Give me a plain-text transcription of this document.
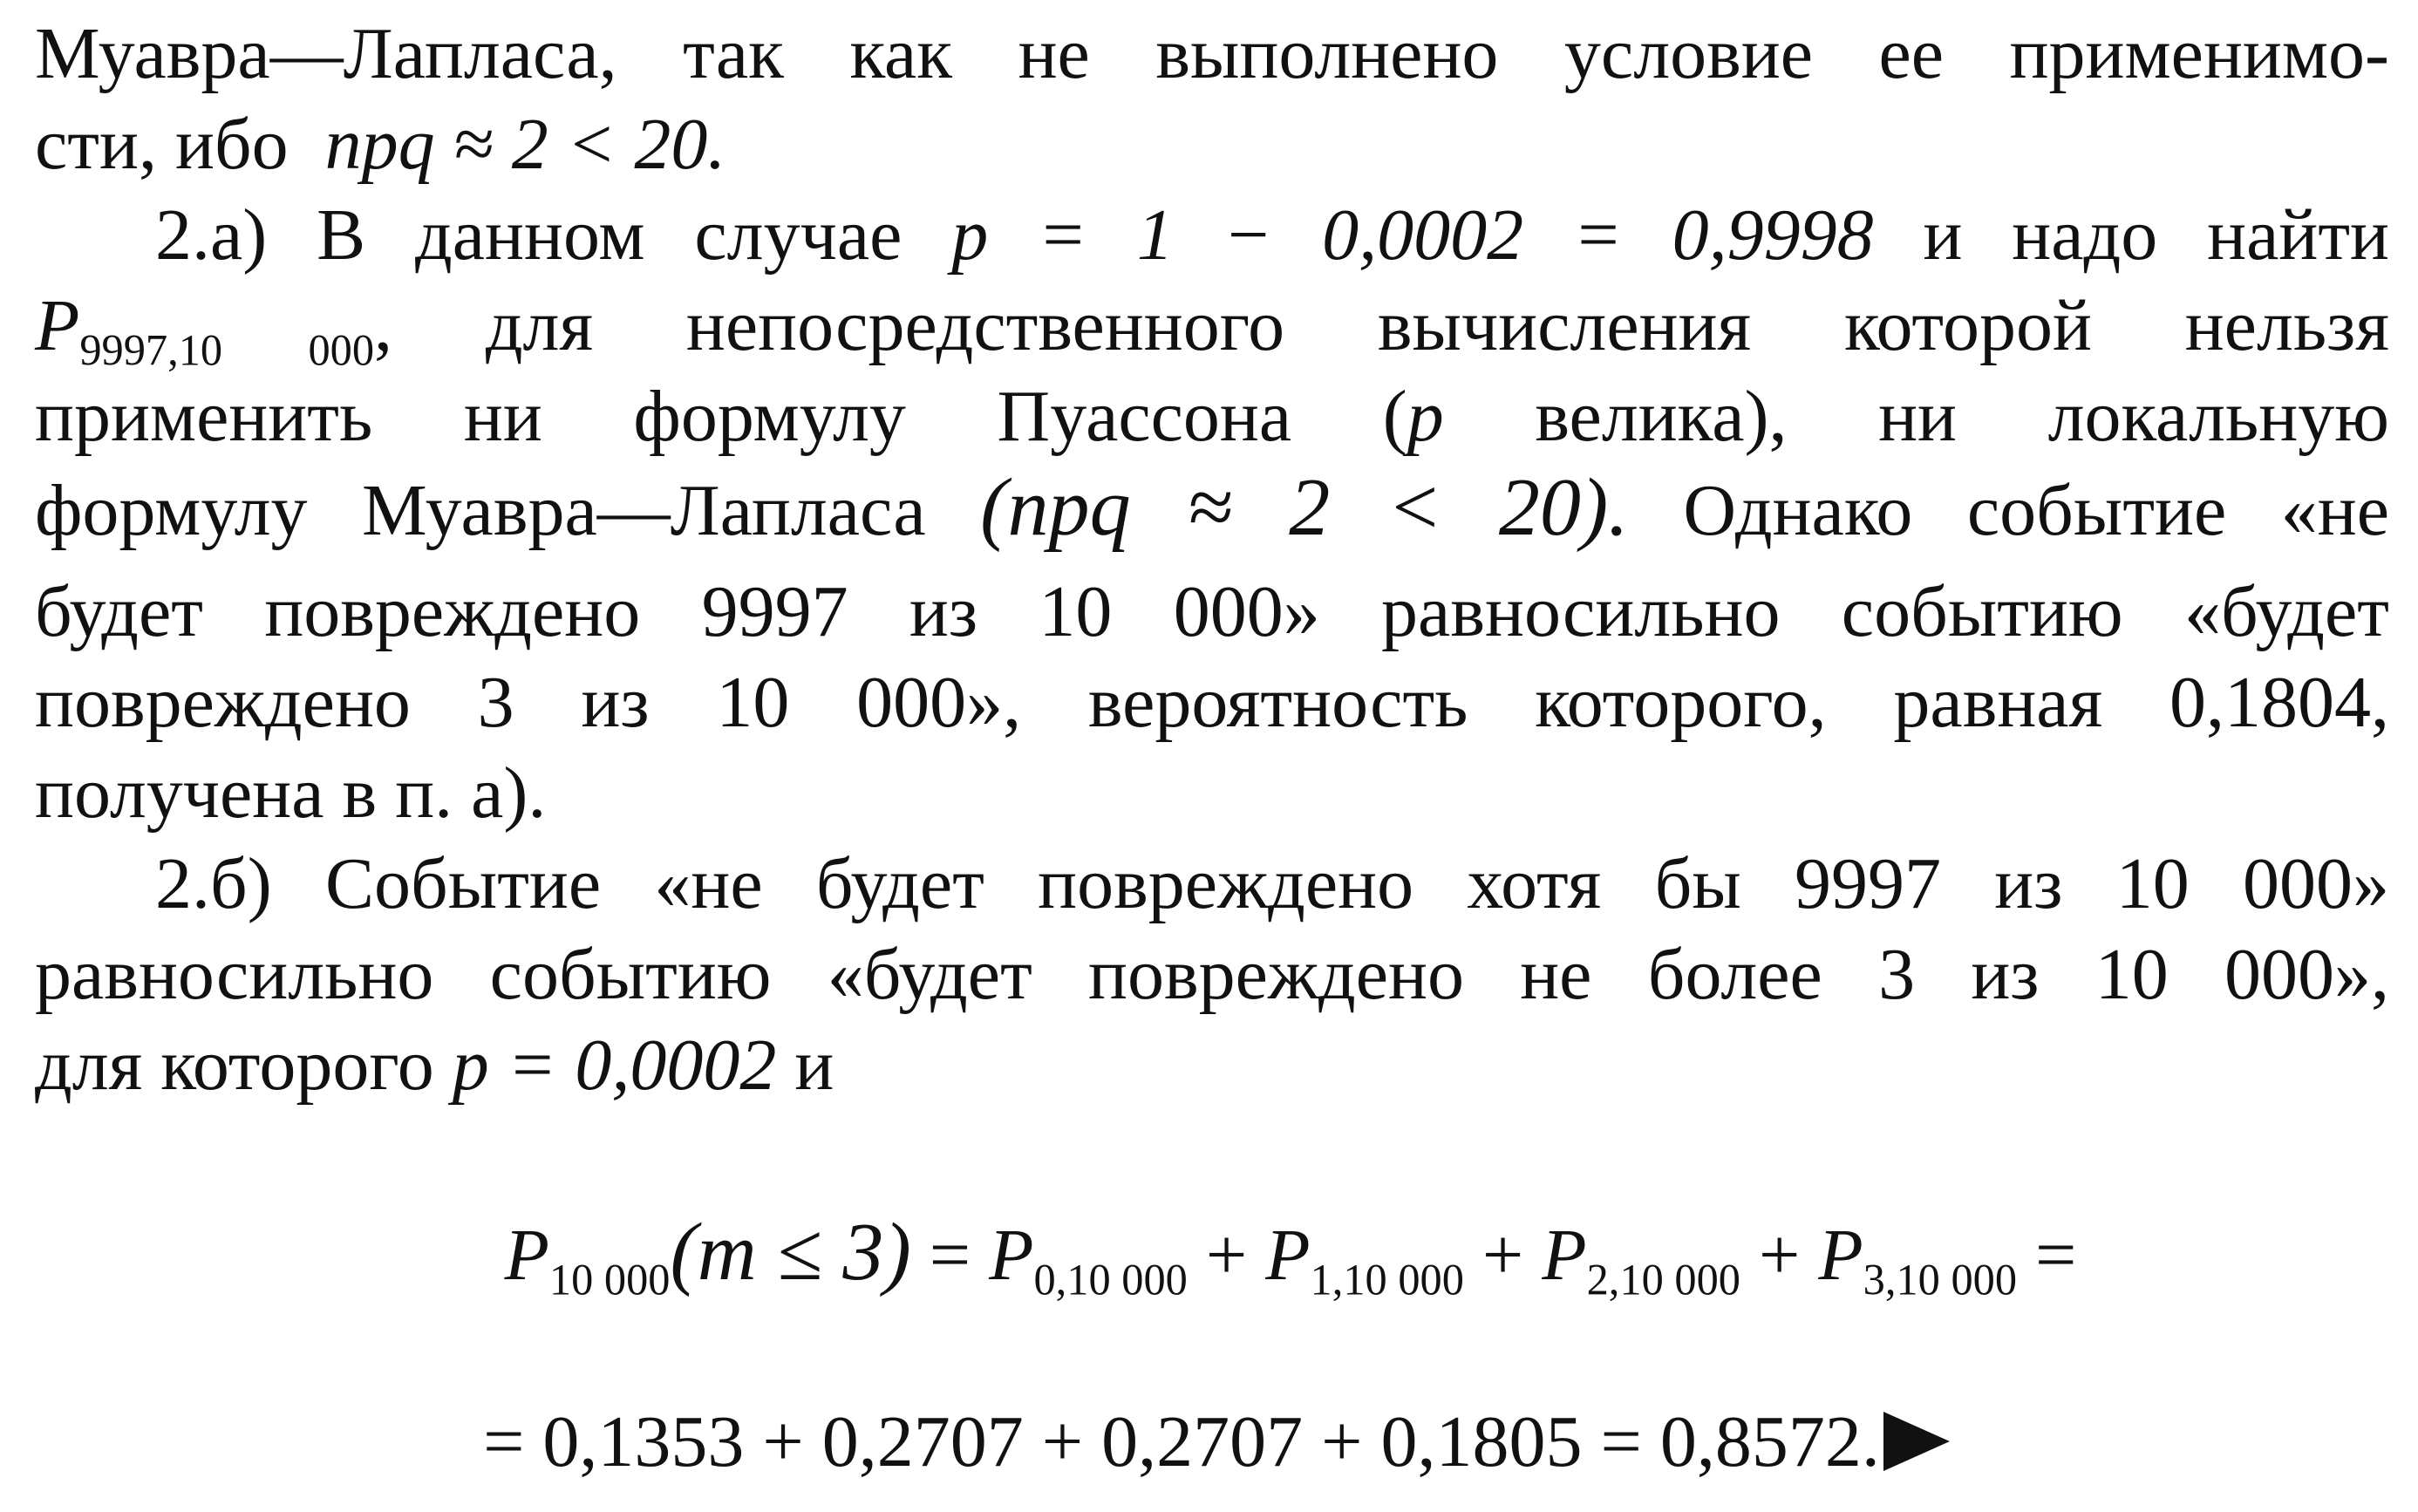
Муавра—Лапласа, так как не выполнено условие ее применимо-
сти, ибо npq ≈ 2 < 20.
2.а) В данном случае p = 1 − 0,0002 = 0,9998 и надо найти
$P_{9997,10 000}$, для непосредственного вычисления которой нельзя
применить ни формулу Пуассона (p велика), ни локальную
формулу Муавра—Лапласа (npq ≈ 2 < 20). Однако событие «не
будет повреждено 9997 из 10 000» равносильно событию «будет
повреждено 3 из 10 000», вероятность которого, равная 0,1804,
получена в п. а).
2.б) Событие «не будет повреждено хотя бы 9997 из 10 000»
равносильно событию «будет повреждено не более 3 из 10 000»,
для которого p = 0,0002 и
$P_{10 000}(m \le 3) = P_{0,10 000} + P_{1,10 000} + P_{2,10 000} + P_{3,10 000}$ =
= 0,1353 + 0,2707 + 0,2707 + 0,1805 = 0,8572.
